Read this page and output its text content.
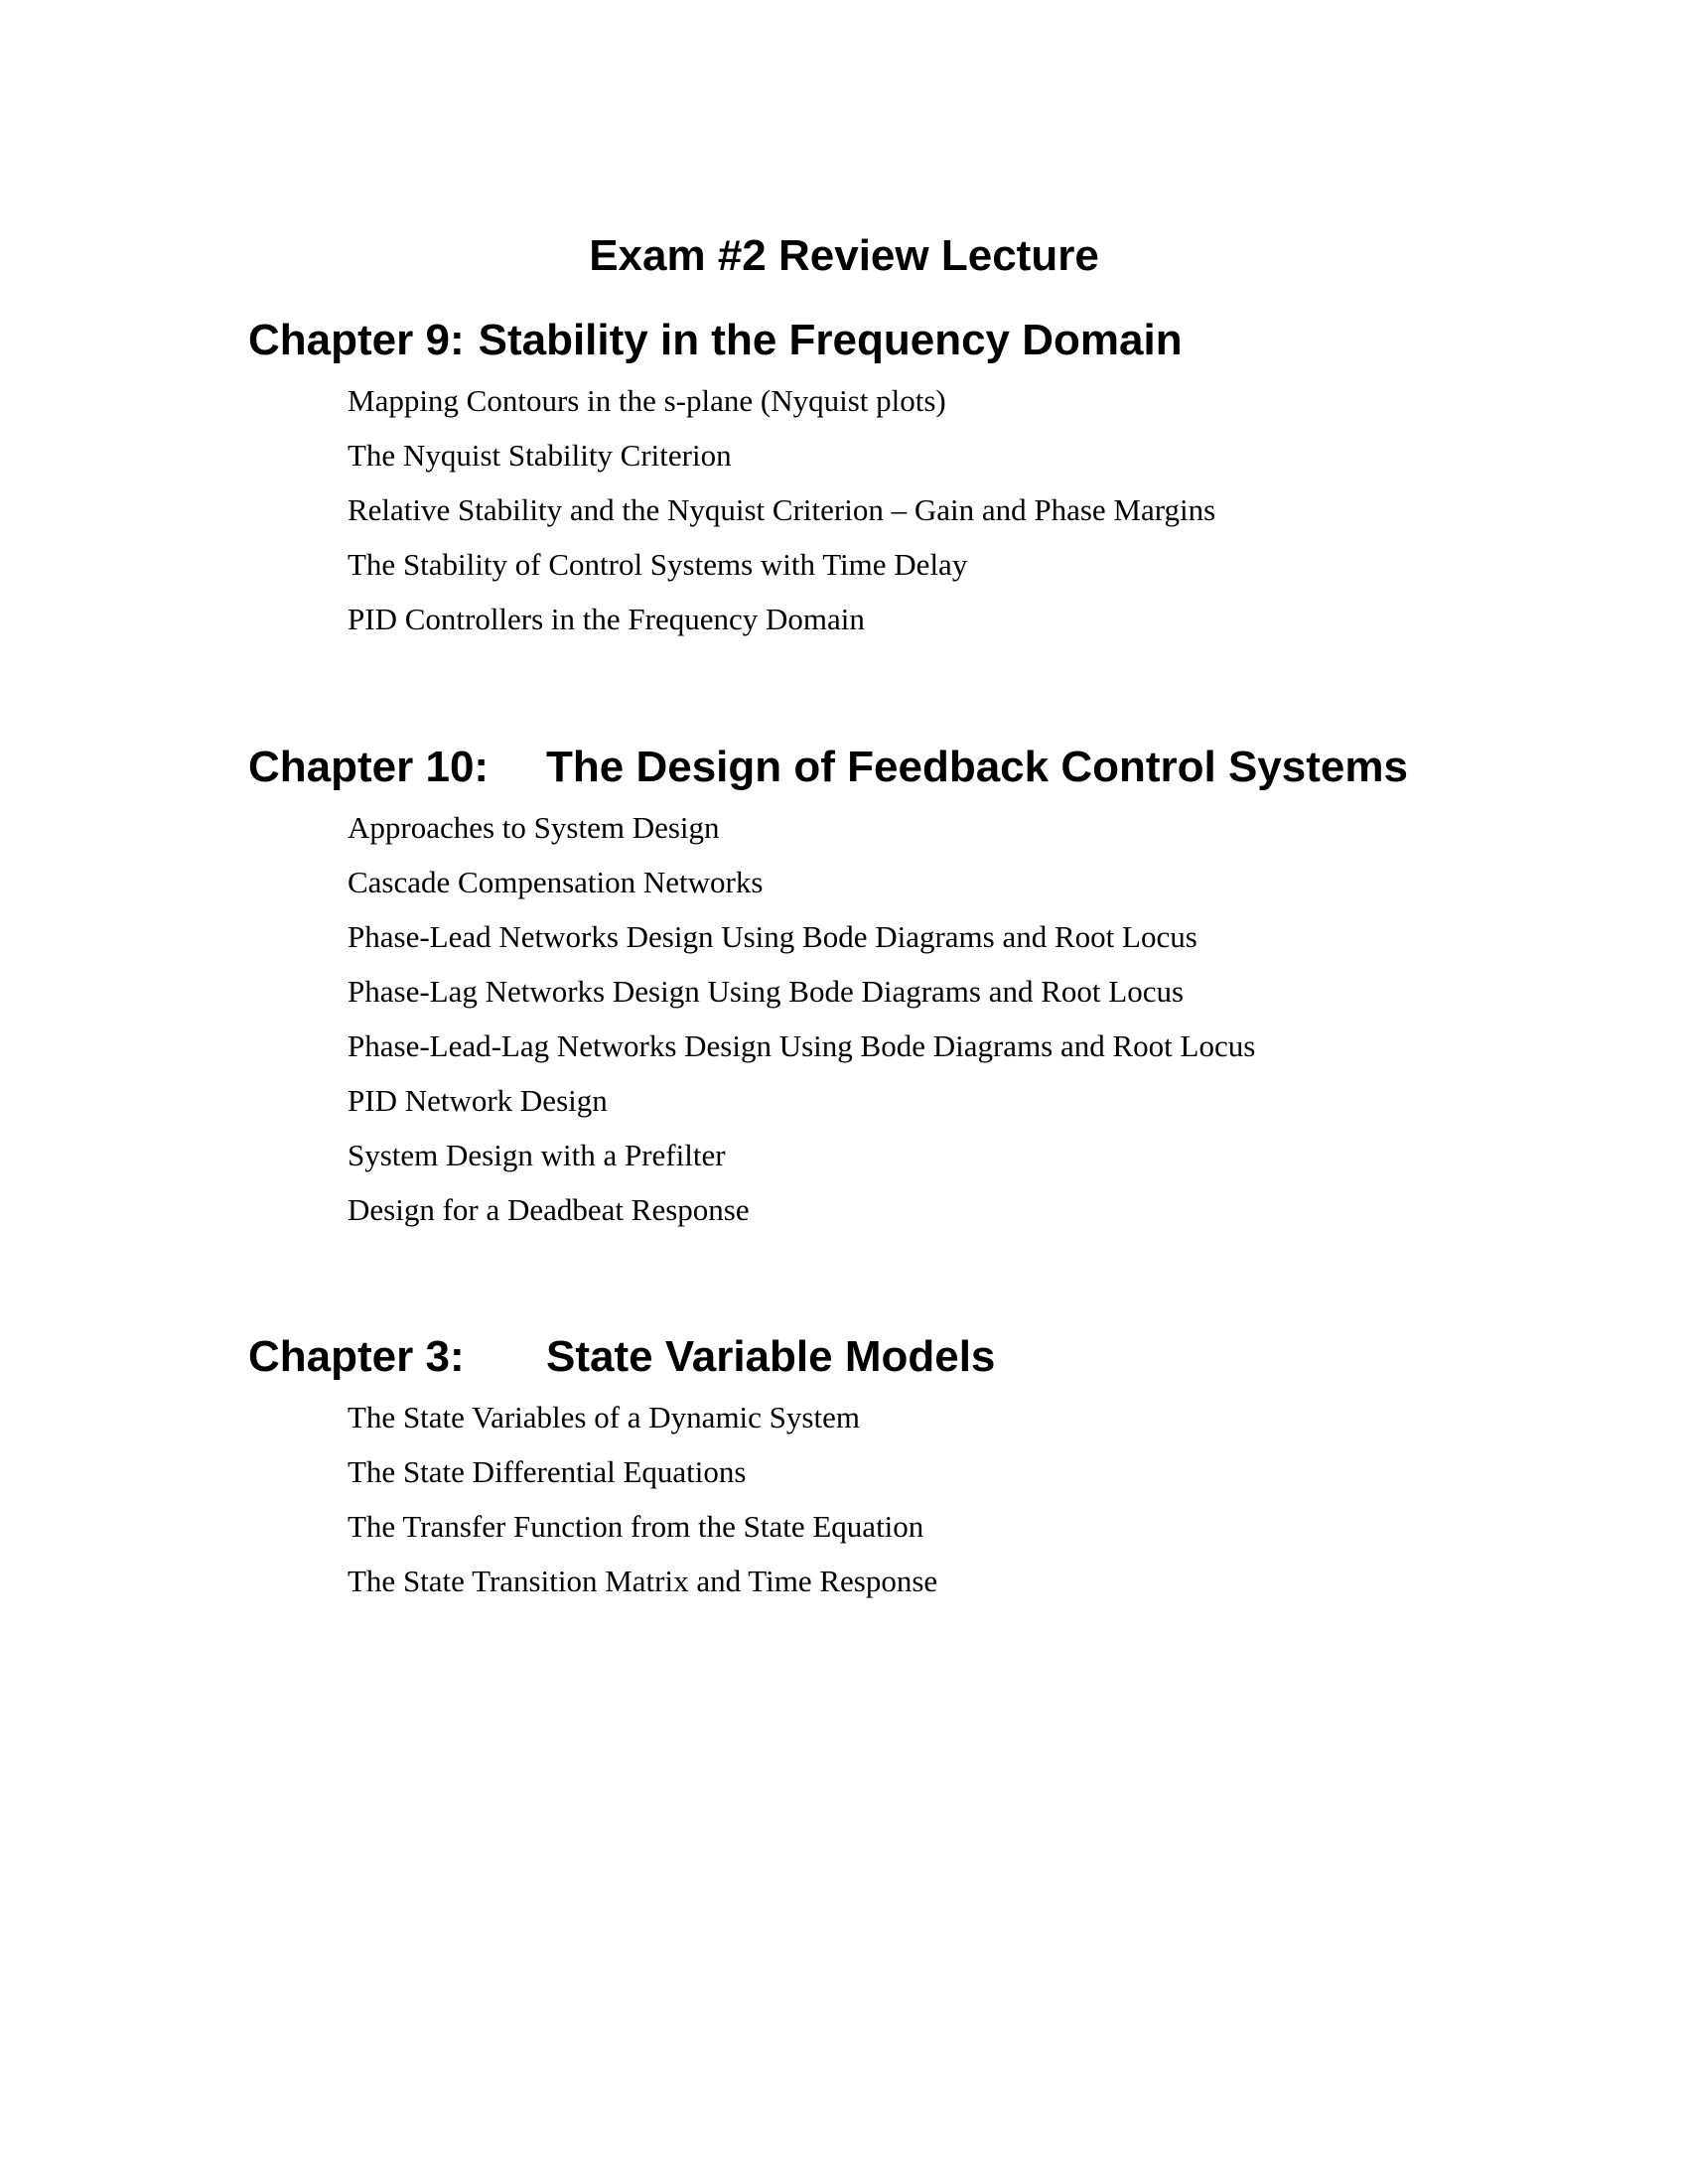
Exam #2 Review Lecture
Chapter 9: Stability in the Frequency Domain
Mapping Contours in the s-plane (Nyquist plots)
The Nyquist Stability Criterion
Relative Stability and the Nyquist Criterion – Gain and Phase Margins
The Stability of Control Systems with Time Delay
PID Controllers in the Frequency Domain
Chapter 10: The Design of Feedback Control Systems
Approaches to System Design
Cascade Compensation Networks
Phase-Lead Networks Design Using Bode Diagrams and Root Locus
Phase-Lag Networks Design Using Bode Diagrams and Root Locus
Phase-Lead-Lag Networks Design Using Bode Diagrams and Root Locus
PID Network Design
System Design with a Prefilter
Design for a Deadbeat Response
Chapter 3: State Variable Models
The State Variables of a Dynamic System
The State Differential Equations
The Transfer Function from the State Equation
The State Transition Matrix and Time Response
